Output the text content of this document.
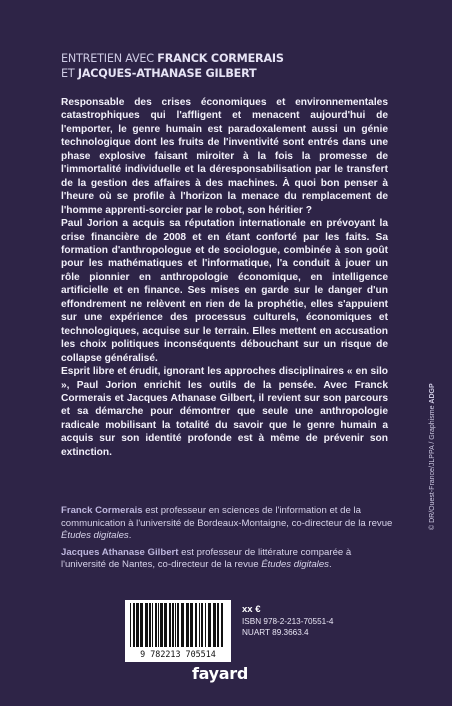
ENTRETIEN AVEC FRANCK CORMERAIS
ET JACQUES-ATHANASE GILBERT

Responsable des crises économiques et environnementales catastrophiques qui l'affligent et menacent aujourd'hui de l'emporter, le genre humain est paradoxalement aussi un génie technologique dont les fruits de l'inventivité sont entrés dans une phase explosive faisant miroiter à la fois la promesse de l'immortalité individuelle et la déresponsabilisation par le transfert de la gestion des affaires à des machines. À quoi bon penser à l'heure où se profile à l'horizon la menace du remplacement de l'homme apprenti-sorcier par le robot, son héritier ?

Paul Jorion a acquis sa réputation internationale en prévoyant la crise financière de 2008 et en étant conforté par les faits. Sa formation d'anthropologue et de sociologue, combinée à son goût pour les mathématiques et l'informatique, l'a conduit à jouer un rôle pionnier en anthropologie économique, en intelligence artificielle et en finance. Ses mises en garde sur le danger d'un effondrement ne relèvent en rien de la prophétie, elles s'appuient sur une expérience des processus culturels, économiques et technologiques, acquise sur le terrain. Elles mettent en accusation les choix politiques inconséquents débouchant sur un risque de collapse généralisé.

Esprit libre et érudit, ignorant les approches disciplinaires « en silo », Paul Jorion enrichit les outils de la pensée. Avec Franck Cormerais et Jacques Athanase Gilbert, il revient sur son parcours et sa démarche pour démontrer que seule une anthropologie radicale mobilisant la totalité du savoir que le genre humain a acquis sur son identité profonde est à même de prévenir son extinction.

Franck Cormerais est professeur en sciences de l'information et de la communication à l'université de Bordeaux-Montaigne, co-directeur de la revue Études digitales.

Jacques Athanase Gilbert est professeur de littérature comparée à l'université de Nantes, co-directeur de la revue Études digitales.

9 782213 705514
xx €
ISBN 978-2-213-70551-4
NUART 89.3663.4
fayard
© DR/Ouest-France/JLPPA / Graphisme ADGP
